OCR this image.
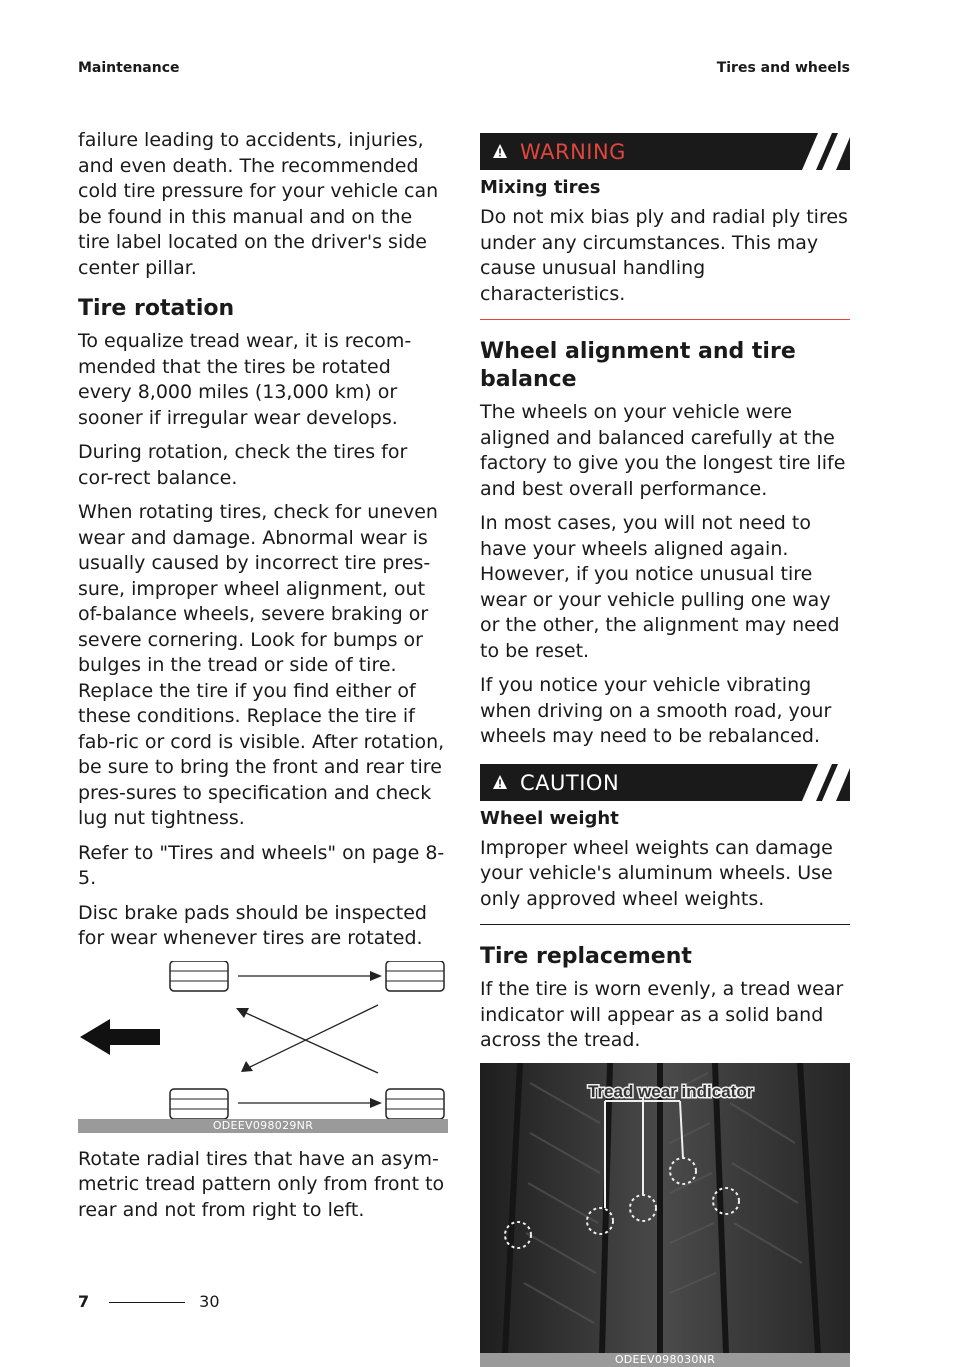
Maintenance	Tires and wheels

failure leading to accidents, injuries, and even death. The recommended cold tire pressure for your vehicle can be found in this manual and on the tire label located on the driver's side center pillar.

Tire rotation

To equalize tread wear, it is recom-mended that the tires be rotated every 8,000 miles (13,000 km) or sooner if irregular wear develops.

During rotation, check the tires for cor-rect balance.

When rotating tires, check for uneven wear and damage. Abnormal wear is usually caused by incorrect tire pres-sure, improper wheel alignment, out of-balance wheels, severe braking or severe cornering. Look for bumps or bulges in the tread or side of tire. Replace the tire if you find either of these conditions. Replace the tire if fab-ric or cord is visible. After rotation, be sure to bring the front and rear tire pres-sures to specification and check lug nut tightness.

Refer to "Tires and wheels" on page 8-5.

Disc brake pads should be inspected for wear whenever tires are rotated.

ODEEV098029NR

Rotate radial tires that have an asym-metric tread pattern only from front to rear and not from right to left.

WARNING
Mixing tires

Do not mix bias ply and radial ply tires under any circumstances. This may cause unusual handling characteristics.

Wheel alignment and tire balance

The wheels on your vehicle were aligned and balanced carefully at the factory to give you the longest tire life and best overall performance.

In most cases, you will not need to have your wheels aligned again. However, if you notice unusual tire wear or your vehicle pulling one way or the other, the alignment may need to be reset.

If you notice your vehicle vibrating when driving on a smooth road, your wheels may need to be rebalanced.

CAUTION
Wheel weight

Improper wheel weights can damage your vehicle's aluminum wheels. Use only approved wheel weights.

Tire replacement

If the tire is worn evenly, a tread wear indicator will appear as a solid band across the tread.

Tread wear indicator
ODEEV098030NR
7	30
